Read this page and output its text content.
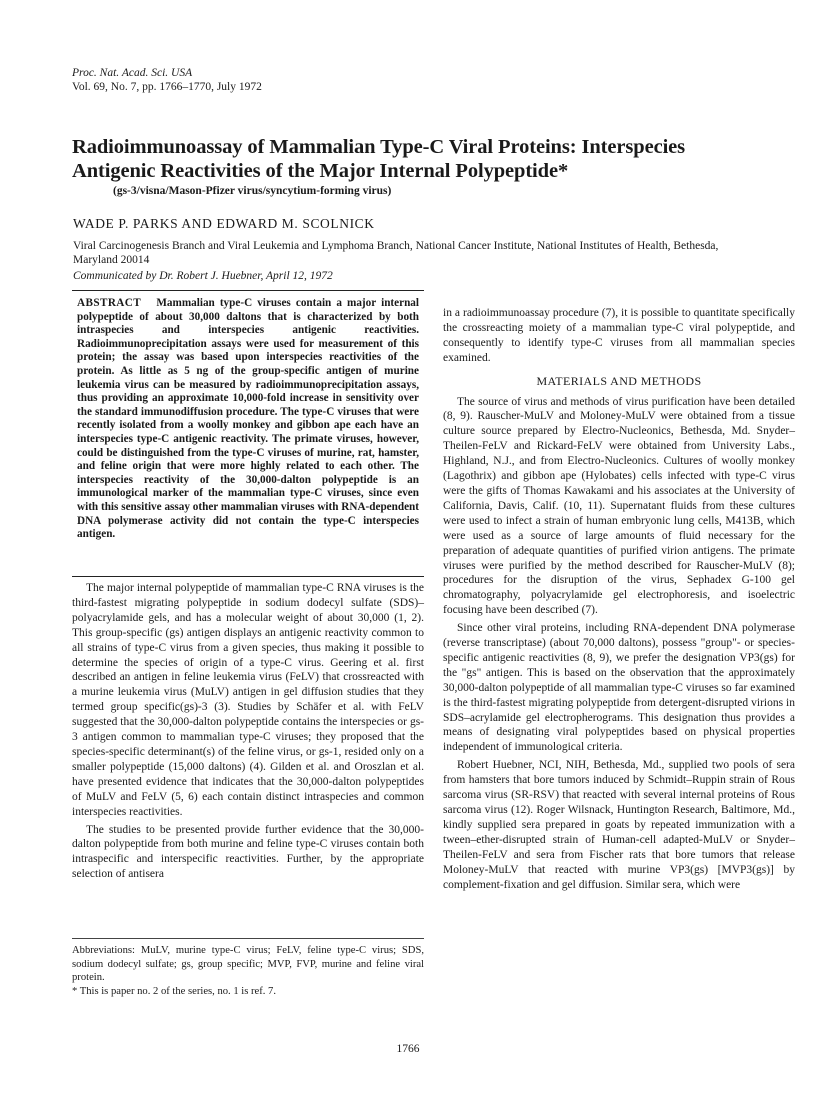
Proc. Nat. Acad. Sci. USA
Vol. 69, No. 7, pp. 1766–1770, July 1972
Radioimmunoassay of Mammalian Type-C Viral Proteins: Interspecies Antigenic Reactivities of the Major Internal Polypeptide*
(gs-3/visna/Mason-Pfizer virus/syncytium-forming virus)
WADE P. PARKS AND EDWARD M. SCOLNICK
Viral Carcinogenesis Branch and Viral Leukemia and Lymphoma Branch, National Cancer Institute, National Institutes of Health, Bethesda, Maryland 20014
Communicated by Dr. Robert J. Huebner, April 12, 1972
ABSTRACT Mammalian type-C viruses contain a major internal polypeptide of about 30,000 daltons that is characterized by both intraspecies and interspecies antigenic reactivities. Radioimmunoprecipitation assays were used for measurement of this protein; the assay was based upon interspecies reactivities of the protein. As little as 5 ng of the group-specific antigen of murine leukemia virus can be measured by radioimmunoprecipitation assays, thus providing an approximate 10,000-fold increase in sensitivity over the standard immunodiffusion procedure. The type-C viruses that were recently isolated from a woolly monkey and gibbon ape each have an interspecies type-C antigenic reactivity. The primate viruses, however, could be distinguished from the type-C viruses of murine, rat, hamster, and feline origin that were more highly related to each other. The interspecies reactivity of the 30,000-dalton polypeptide is an immunological marker of the mammalian type-C viruses, since even with this sensitive assay other mammalian viruses with RNA-dependent DNA polymerase activity did not contain the type-C interspecies antigen.

The major internal polypeptide of mammalian type-C RNA viruses is the third-fastest migrating polypeptide in sodium dodecyl sulfate (SDS)–polyacrylamide gels, and has a molecular weight of about 30,000 (1, 2). This group-specific (gs) antigen displays an antigenic reactivity common to all strains of type-C virus from a given species, thus making it possible to determine the species of origin of a type-C virus. Geering et al. first described an antigen in feline leukemia virus (FeLV) that crossreacted with a murine leukemia virus (MuLV) antigen in gel diffusion studies that they termed group specific(gs)-3 (3). Studies by Schäfer et al. with FeLV suggested that the 30,000-dalton polypeptide contains the interspecies or gs-3 antigen common to mammalian type-C viruses; they proposed that the species-specific determinant(s) of the feline virus, or gs-1, resided only on a smaller polypeptide (15,000 daltons) (4). Gilden et al. and Oroszlan et al. have presented evidence that indicates that the 30,000-dalton polypeptides of MuLV and FeLV (5, 6) each contain distinct intraspecies and common interspecies reactivities.

The studies to be presented provide further evidence that the 30,000-dalton polypeptide from both murine and feline type-C viruses contain both intraspecific and interspecific reactivities. Further, by the appropriate selection of antisera

Abbreviations: MuLV, murine type-C virus; FeLV, feline type-C virus; SDS, sodium dodecyl sulfate; gs, group specific; MVP, FVP, murine and feline viral protein.
* This is paper no. 2 of the series, no. 1 is ref. 7.

in a radioimmunoassay procedure (7), it is possible to quantitate specifically the crossreacting moiety of a mammalian type-C viral polypeptide, and consequently to identify type-C viruses from all mammalian species examined.

MATERIALS AND METHODS

The source of virus and methods of virus purification have been detailed (8, 9). Rauscher-MuLV and Moloney-MuLV were obtained from a tissue culture source prepared by Electro-Nucleonics, Bethesda, Md. Snyder–Theilen-FeLV and Rickard-FeLV were obtained from University Labs., Highland, N.J., and from Electro-Nucleonics. Cultures of woolly monkey (Lagothrix) and gibbon ape (Hylobates) cells infected with type-C virus were the gifts of Thomas Kawakami and his associates at the University of California, Davis, Calif. (10, 11). Supernatant fluids from these cultures were used to infect a strain of human embryonic lung cells, M413B, which were used as a source of large amounts of fluid necessary for the preparation of adequate quantities of purified virion antigens. The primate viruses were purified by the method described for Rauscher-MuLV (8); procedures for the disruption of the virus, Sephadex G-100 gel chromatography, polyacrylamide gel electrophoresis, and isoelectric focusing have been described (7).

Since other viral proteins, including RNA-dependent DNA polymerase (reverse transcriptase) (about 70,000 daltons), possess "group"- or species-specific antigenic reactivities (8, 9), we prefer the designation VP3(gs) for the "gs" antigen. This is based on the observation that the approximately 30,000-dalton polypeptide of all mammalian type-C viruses so far examined is the third-fastest migrating polypeptide from detergent-disrupted virions in SDS–acrylamide gel electropherograms. This designation thus provides a means of designating viral polypeptides based on physical properties independent of immunological criteria.

Robert Huebner, NCI, NIH, Bethesda, Md., supplied two pools of sera from hamsters that bore tumors induced by Schmidt–Ruppin strain of Rous sarcoma virus (SR-RSV) that reacted with several internal proteins of Rous sarcoma virus (12). Roger Wilsnack, Huntington Research, Baltimore, Md., kindly supplied sera prepared in goats by repeated immunization with a tween–ether-disrupted strain of Human-cell adapted-MuLV or Snyder–Theilen-FeLV and sera from Fischer rats that bore tumors that release Moloney-MuLV that reacted with murine VP3(gs) [MVP3(gs)] by complement-fixation and gel diffusion. Similar sera, which were

1766
